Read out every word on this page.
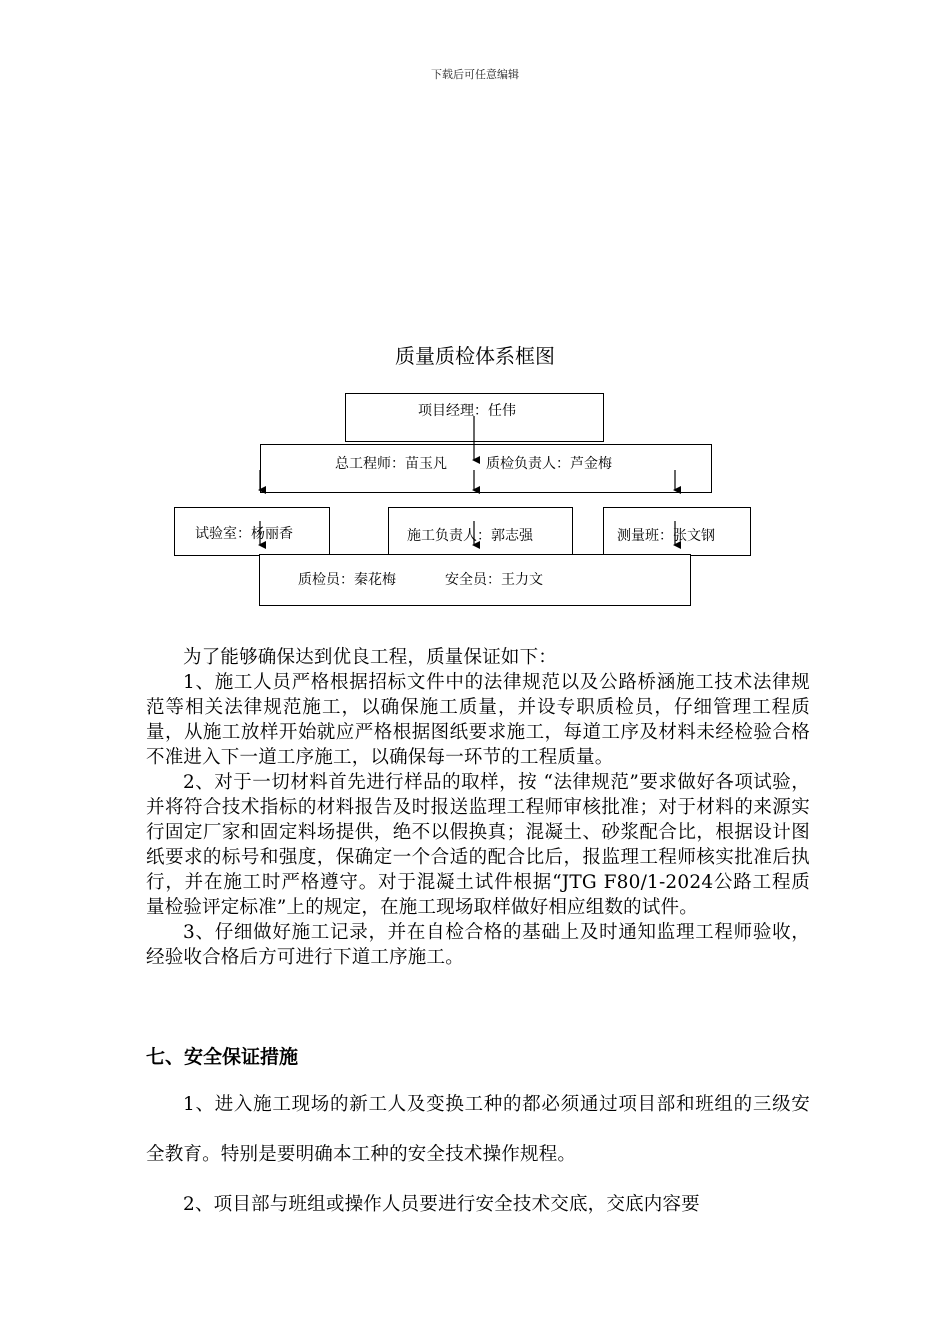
下载后可任意编辑
质量质检体系框图
项目经理：任伟
总工程师：苗玉凡	质检负责人：芦金梅
试验室：杨丽香	施工负责人：郭志强	测量班：张文钢
质检员：秦花梅	安全员：王力文

为了能够确保达到优良工程，质量保证如下：

1、施工人员严格根据招标文件中的法律规范以及公路桥涵施工技术法律规范等相关法律规范施工，以确保施工质量，并设专职质检员，仔细管理工程质量，从施工放样开始就应严格根据图纸要求施工，每道工序及材料未经检验合格不准进入下一道工序施工，以确保每一环节的工程质量。

2、对于一切材料首先进行样品的取样，按 “法律规范”要求做好各项试验，并将符合技术指标的材料报告及时报送监理工程师审核批准；对于材料的来源实行固定厂家和固定料场提供，绝不以假换真；混凝土、砂浆配合比，根据设计图纸要求的标号和强度，保确定一个合适的配合比后，报监理工程师核实批准后执行，并在施工时严格遵守。对于混凝土试件根据“JTG F80/1-2024公路工程质量检验评定标准”上的规定，在施工现场取样做好相应组数的试件。

3、仔细做好施工记录，并在自检合格的基础上及时通知监理工程师验收，经验收合格后方可进行下道工序施工。

七、安全保证措施

1、进入施工现场的新工人及变换工种的都必须通过项目部和班组的三级安全教育。特别是要明确本工种的安全技术操作规程。

2、项目部与班组或操作人员要进行安全技术交底，交底内容要
